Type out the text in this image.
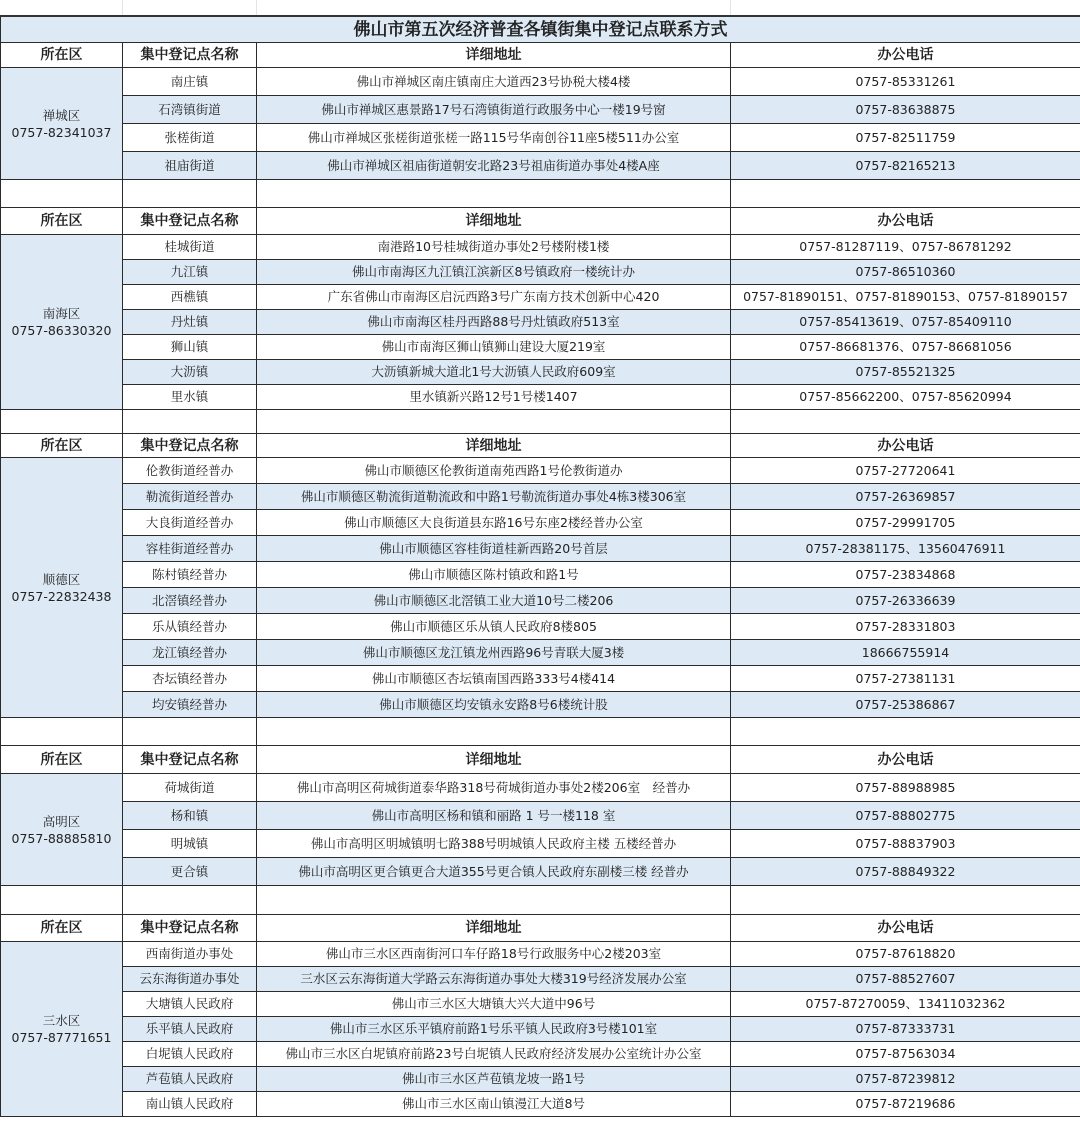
佛山市第五次经济普查各镇街集中登记点联系方式			
所在区	集中登记点名称	详细地址	办公电话
禅城区
0757-82341037	南庄镇	佛山市禅城区南庄镇南庄大道西23号协税大楼4楼	0757-85331261
	石湾镇街道	佛山市禅城区惠景路17号石湾镇街道行政服务中心一楼19号窗	0757-83638875
	张槎街道	佛山市禅城区张槎街道张槎一路115号华南创谷11座5楼511办公室	0757-82511759
	祖庙街道	佛山市禅城区祖庙街道朝安北路23号祖庙街道办事处4楼A座	0757-82165213

所在区	集中登记点名称	详细地址	办公电话
南海区
0757-86330320	桂城街道	南港路10号桂城街道办事处2号楼附楼1楼	0757-81287119、0757-86781292
	九江镇	佛山市南海区九江镇江滨新区8号镇政府一楼统计办	0757-86510360
	西樵镇	广东省佛山市南海区启沅西路3号广东南方技术创新中心420	0757-81890151、0757-81890153、0757-81890157
	丹灶镇	佛山市南海区桂丹西路88号丹灶镇政府513室	0757-85413619、0757-85409110
	狮山镇	佛山市南海区狮山镇狮山建设大厦219室	0757-86681376、0757-86681056
	大沥镇	大沥镇新城大道北1号大沥镇人民政府609室	0757-85521325
	里水镇	里水镇新兴路12号1号楼1407	0757-85662200、0757-85620994

所在区	集中登记点名称	详细地址	办公电话
顺德区
0757-22832438	伦教街道经普办	佛山市顺德区伦教街道南苑西路1号伦教街道办	0757-27720641
	勒流街道经普办	佛山市顺德区勒流街道勒流政和中路1号勒流街道办事处4栋3楼306室	0757-26369857
	大良街道经普办	佛山市顺德区大良街道县东路16号东座2楼经普办公室	0757-29991705
	容桂街道经普办	佛山市顺德区容桂街道桂新西路20号首层	0757-28381175、13560476911
	陈村镇经普办	佛山市顺德区陈村镇政和路1号	0757-23834868
	北滘镇经普办	佛山市顺德区北滘镇工业大道10号二楼206	0757-26336639
	乐从镇经普办	佛山市顺德区乐从镇人民政府8楼805	0757-28331803
	龙江镇经普办	佛山市顺德区龙江镇龙州西路96号青联大厦3楼	18666755914
	杏坛镇经普办	佛山市顺德区杏坛镇南国西路333号4楼414	0757-27381131
	均安镇经普办	佛山市顺德区均安镇永安路8号6楼统计股	0757-25386867

所在区	集中登记点名称	详细地址	办公电话
高明区
0757-88885810	荷城街道	佛山市高明区荷城街道泰华路318号荷城街道办事处2楼206室　经普办	0757-88988985
	杨和镇	佛山市高明区杨和镇和丽路 1 号一楼118 室	0757-88802775
	明城镇	佛山市高明区明城镇明七路388号明城镇人民政府主楼 五楼经普办	0757-88837903
	更合镇	佛山市高明区更合镇更合大道355号更合镇人民政府东副楼三楼 经普办	0757-88849322

所在区	集中登记点名称	详细地址	办公电话
三水区
0757-87771651	西南街道办事处	佛山市三水区西南街河口车仔路18号行政服务中心2楼203室	0757-87618820
	云东海街道办事处	三水区云东海街道大学路云东海街道办事处大楼319号经济发展办公室	0757-88527607
	大塘镇人民政府	佛山市三水区大塘镇大兴大道中96号	0757-87270059、13411032362
	乐平镇人民政府	佛山市三水区乐平镇府前路1号乐平镇人民政府3号楼101室	0757-87333731
	白坭镇人民政府	佛山市三水区白坭镇府前路23号白坭镇人民政府经济发展办公室统计办公室	0757-87563034
	芦苞镇人民政府	佛山市三水区芦苞镇龙坡一路1号	0757-87239812
	南山镇人民政府	佛山市三水区南山镇漫江大道8号	0757-87219686
